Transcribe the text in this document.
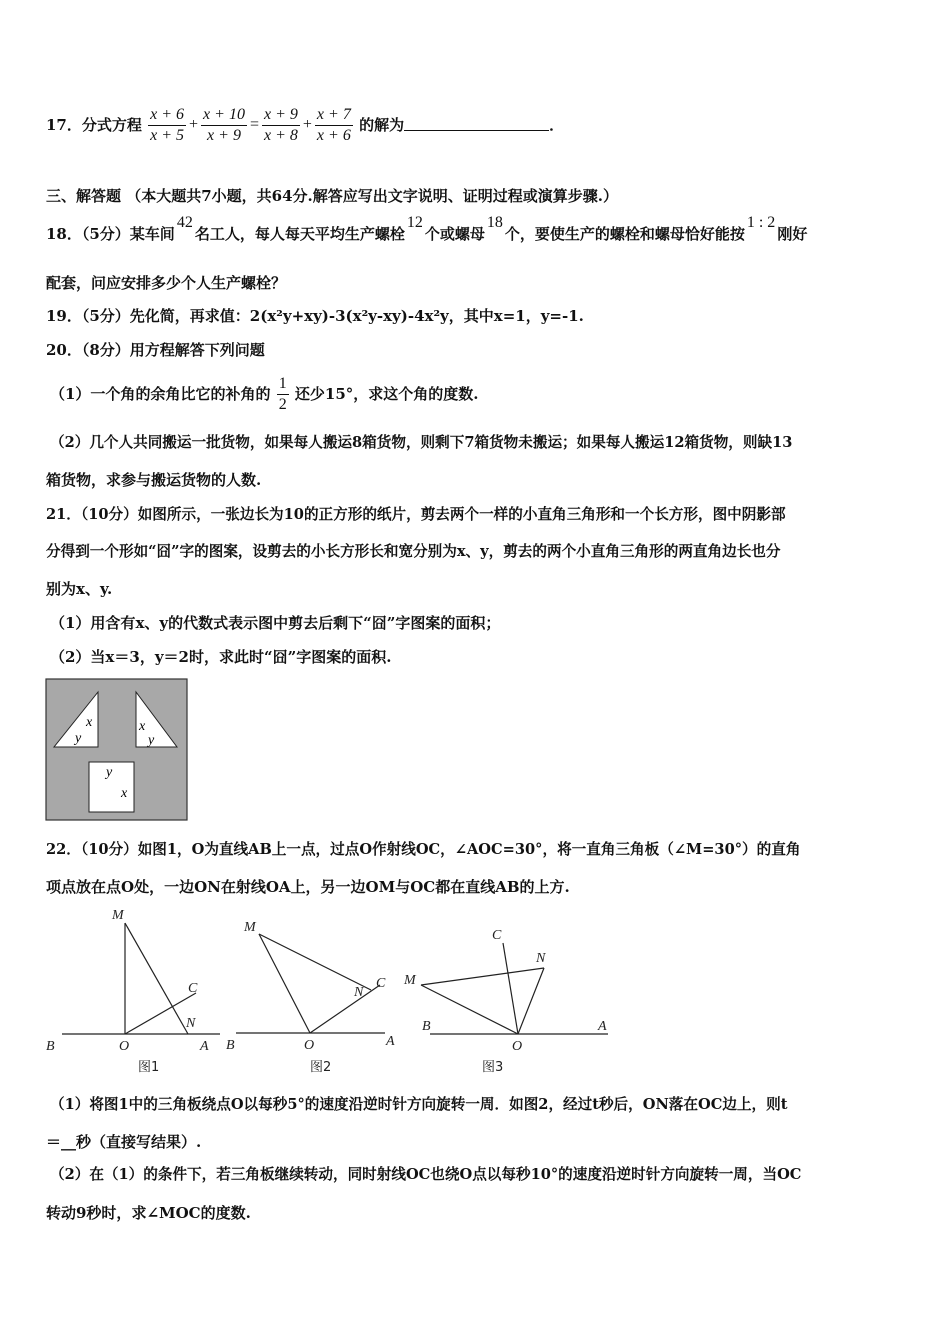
17．分式方程 $\frac{x + 6}{x + 5} + \frac{x + 10}{x + 9} = \frac{x + 9}{x + 8} + \frac{x + 7}{x + 6}$ 的解为	．
三、解答题 （本大题共7小题，共64分.解答应写出文字说明、证明过程或演算步骤.）
18．（5分）某车间42名工人，每人每天平均生产螺栓12个或螺母18个，要使生产的螺栓和螺母恰好能按1 : 2刚好
配套，问应安排多少个人生产螺栓？
19．（5分）先化简，再求值：2(x²y+xy)-3(x²y-xy)-4x²y，其中x=1，y=-1.
20．（8分）用方程解答下列问题
（1）一个角的余角比它的补角的 $\frac{1}{2}$ 还少15°，求这个角的度数.
（2）几个人共同搬运一批货物，如果每人搬运8箱货物，则剩下7箱货物未搬运；如果每人搬运12箱货物，则缺13
箱货物，求参与搬运货物的人数.
21．（10分）如图所示，一张边长为10的正方形的纸片，剪去两个一样的小直角三角形和一个长方形，图中阴影部
分得到一个形如“囧”字的图案，设剪去的小长方形长和宽分别为x、y，剪去的两个小直角三角形的两直角边长也分
别为x、y.
（1）用含有x、y的代数式表示图中剪去后剩下“囧”字图案的面积；
（2）当x＝3，y＝2时，求此时“囧”字图案的面积.
x
y
x
y
y
x
22．（10分）如图1，O为直线AB上一点，过点O作射线OC，∠AOC=30°，将一直角三角板（∠M=30°）的直角
项点放在点O处，一边ON在射线OA上，另一边OM与OC都在直线AB的上方.
M
C
N
B	O	A
M
N
C
B	O	A
C
N
M
B
O
A
图1	图2	图3
（1）将图1中的三角板绕点O以每秒5°的速度沿逆时针方向旋转一周．如图2，经过t秒后，ON落在OC边上，则t
＝__秒（直接写结果）.
（2）在（1）的条件下，若三角板继续转动，同时射线OC也绕O点以每秒10°的速度沿逆时针方向旋转一周，当OC
转动9秒时，求∠MOC的度数.
